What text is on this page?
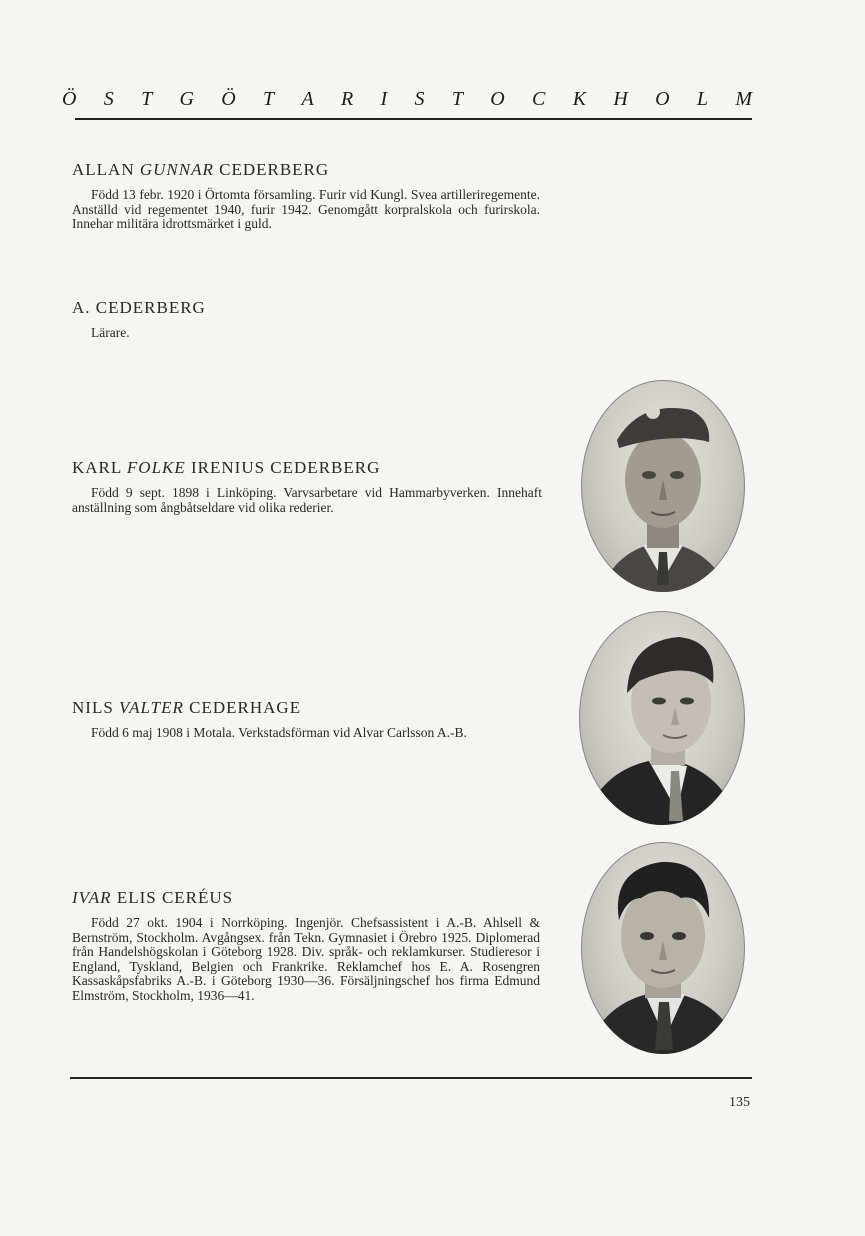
Ö S T G Ö T A R I S T O C K H O L M

ALLAN GUNNAR CEDERBERG

Född 13 febr. 1920 i Örtomta församling. Furir vid Kungl. Svea artilleriregemente. Anställd vid regementet 1940, furir 1942. Genomgått korpralskola och furirskola. Innehar militära idrottsmärket i guld.

A. CEDERBERG

Lärare.

KARL FOLKE IRENIUS CEDERBERG

Född 9 sept. 1898 i Linköping. Varvsarbetare vid Hammarbyverken. Innehaft anställning som ångbåtseldare vid olika rederier.

NILS VALTER CEDERHAGE

Född 6 maj 1908 i Motala. Verkstadsförman vid Alvar Carlsson A.-B.

IVAR ELIS CERÉUS

Född 27 okt. 1904 i Norrköping. Ingenjör. Chefsassistent i A.-B. Ahlsell & Bernström, Stockholm. Avgångsex. från Tekn. Gymnasiet i Örebro 1925. Diplomerad från Handelshögskolan i Göteborg 1928. Div. språk- och reklamkurser. Studieresor i England, Tyskland, Belgien och Frankrike. Reklamchef hos E. A. Rosengren Kassaskåpsfabriks A.-B. i Göteborg 1930—36. Försäljningschef hos firma Edmund Elmström, Stockholm, 1936—41.

135
